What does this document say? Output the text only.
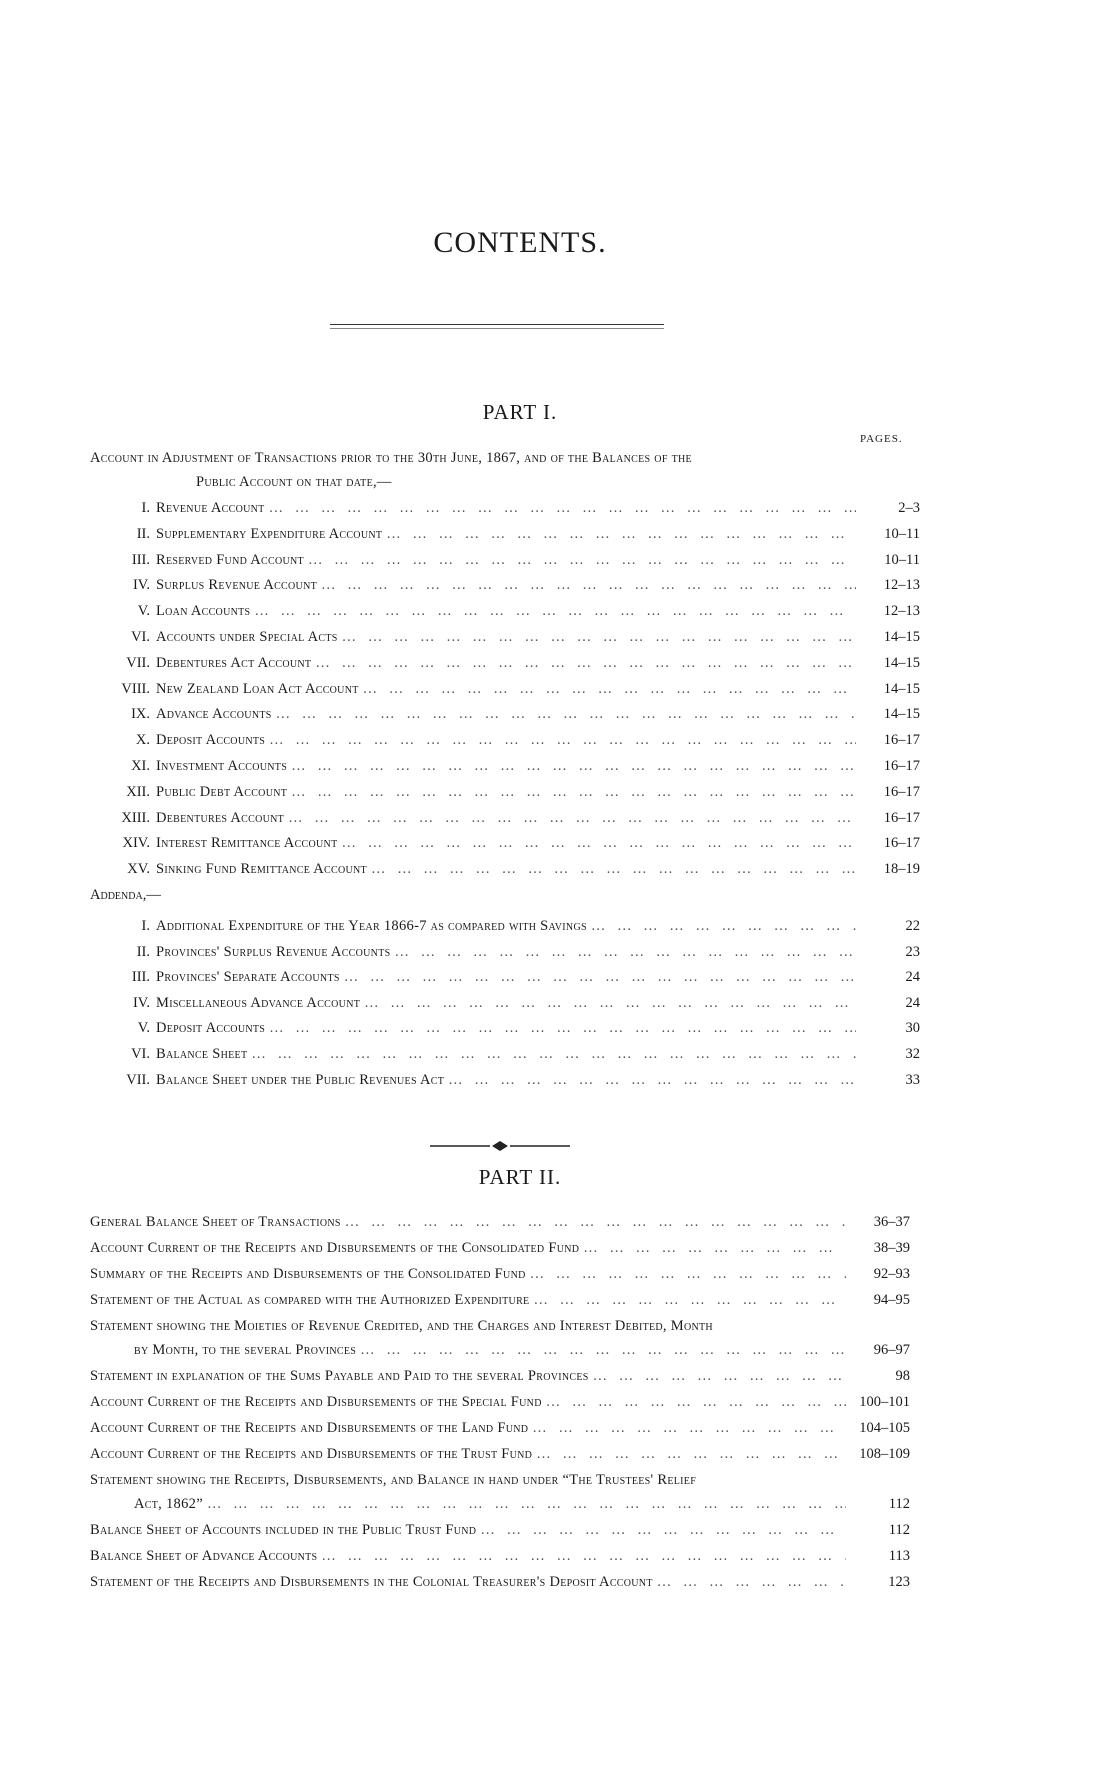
CONTENTS.
PART I.
PAGES.
Account in Adjustment of Transactions prior to the 30th June, 1867, and of the Balances of the
Public Account on that date,—
I. Revenue Account … … … … … … … … … … … … … … … … … … … … … … … … … … … …	2–3
II. Supplementary Expenditure Account … … … … … … … … … … … … … … … … … … … … … … … … … … … …	10–11
III. Reserved Fund Account … … … … … … … … … … … … … … … … … … … … … … … … … … … …	10–11
IV. Surplus Revenue Account … … … … … … … … … … … … … … … … … … … … … … … … … … … …	12–13
V. Loan Accounts … … … … … … … … … … … … … … … … … … … … … … … … … … … …	12–13
VI. Accounts under Special Acts … … … … … … … … … … … … … … … … … … … … … … … … … … … …	14–15
VII. Debentures Act Account … … … … … … … … … … … … … … … … … … … … … … … … … … … …	14–15
VIII. New Zealand Loan Act Account … … … … … … … … … … … … … … … … … … … … … … … … … … … …	14–15
IX. Advance Accounts … … … … … … … … … … … … … … … … … … … … … … … … … … … …	14–15
X. Deposit Accounts … … … … … … … … … … … … … … … … … … … … … … … … … … … …	16–17
XI. Investment Accounts … … … … … … … … … … … … … … … … … … … … … … … … … … … …	16–17
XII. Public Debt Account … … … … … … … … … … … … … … … … … … … … … … … … … … … …	16–17
XIII. Debentures Account … … … … … … … … … … … … … … … … … … … … … … … … … … … …	16–17
XIV. Interest Remittance Account … … … … … … … … … … … … … … … … … … … … … … … … … … … …	16–17
XV. Sinking Fund Remittance Account … … … … … … … … … … … … … … … … … … … … … … … … … … … …	18–19
Addenda,—
I. Additional Expenditure of the Year 1866-7 as compared with Savings … … … … … … … … … … … … … … … … … … … … … … … … … … … …	22
II. Provinces' Surplus Revenue Accounts … … … … … … … … … … … … … … … … … … … … … … … … … … … …	23
III. Provinces' Separate Accounts … … … … … … … … … … … … … … … … … … … … … … … … … … … …	24
IV. Miscellaneous Advance Account … … … … … … … … … … … … … … … … … … … … … … … … … … … …	24
V. Deposit Accounts … … … … … … … … … … … … … … … … … … … … … … … … … … … …	30
VI. Balance Sheet … … … … … … … … … … … … … … … … … … … … … … … … … … … …	32
VII. Balance Sheet under the Public Revenues Act … … … … … … … … … … … … … … … … … … … … … … … … … … … …	33
PART II.
General Balance Sheet of Transactions … … … … … … … … … … … … … … … … … … … … … … … … … … … …	36–37
Account Current of the Receipts and Disbursements of the Consolidated Fund … … … … … … … … … … … … … … … … … … … … … … … … … … … …	38–39
Summary of the Receipts and Disbursements of the Consolidated Fund … … … … … … … … … … … … … … … … … … … … … … … … … … … …	92–93
Statement of the Actual as compared with the Authorized Expenditure … … … … … … … … … … … … … … … … … … … … … … … … … … … …	94–95
Statement showing the Moieties of Revenue Credited, and the Charges and Interest Debited, Month
by Month, to the several Provinces … … … … … … … … … … … … … … … … … … … … … … … … … … … …	96–97
Statement in explanation of the Sums Payable and Paid to the several Provinces … … … … … … … … … … … … … … … … … … … … … … … … … … … …	98
Account Current of the Receipts and Disbursements of the Special Fund … … … … … … … … … … … … … … … … … … … … … … … … … … … …	100–101
Account Current of the Receipts and Disbursements of the Land Fund … … … … … … … … … … … … … … … … … … … … … … … … … … … …	104–105
Account Current of the Receipts and Disbursements of the Trust Fund … … … … … … … … … … … … … … … … … … … … … … … … … … … …	108–109
Statement showing the Receipts, Disbursements, and Balance in hand under “The Trustees' Relief
Act, 1862” … … … … … … … … … … … … … … … … … … … … … … … … … … … …	112
Balance Sheet of Accounts included in the Public Trust Fund … … … … … … … … … … … … … … … … … … … … … … … … … … … …	112
Balance Sheet of Advance Accounts … … … … … … … … … … … … … … … … … … … … … … … … … … … …	113
Statement of the Receipts and Disbursements in the Colonial Treasurer's Deposit Account … … … … … … … … … … … … … … … … … … … … … … … … … … … …	123
